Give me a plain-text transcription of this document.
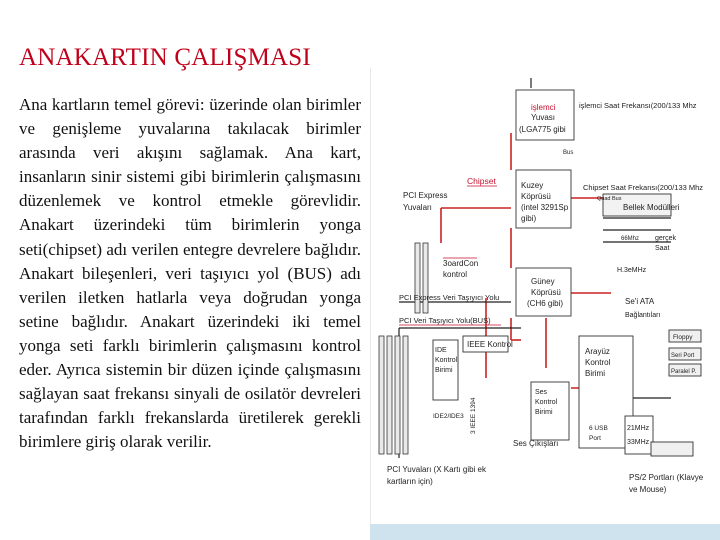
ANAKARTIN ÇALIŞMASI
Ana kartların temel görevi: üzerinde olan birimler ve genişleme yuvalarına takılacak birimler arasında veri akışını sağlamak. Ana kart, insanların sinir sistemi gibi birimlerin çalışmasını düzenlemek ve kontrol etmekle görevlidir. Anakart üzerindeki tüm birimlerin yonga seti(chipset) adı verilen entegre devrelere bağlıdır. Anakart bileşenleri, veri taşıyıcı yol (BUS) adı verilen iletken hatlarla veya doğrudan yonga setine bağlıdır. Anakart üzerindeki iki temel yonga seti farklı birimlerin çalışmasını kontrol eder. Ayrıca sistemin bir düzen içinde çalışmasını sağlayan saat frekansı sinyali de osilatör devreleri tarafından farklı frekanslarda üretilerek gerekli birimlere giriş olarak verilir.
işlemci
Yuvası
(LGA775 gibi
işlemci Saat Frekansı(200/133 Mhz
Bus
Chipset
PCI Express
Yuvaları
Kuzey
Köprüsü
(intel 3291Sp
gibi)
Chipset Saat Frekansı(200/133 Mhz
Quad Bus
Bellek Modülleri
66Mhz gerçek
Saat
3oardCon
kontrol	H.3eMHz
Güney
Köprüsü
(CH6 gibi)
PCI Express Veri Taşıyıcı Yolu	Se'i ATA
Bağlantıları
PCI Veri Taşıyıcı Yolu(BUS)
IEEE Kontrol
IDE
Kontrol
Birimi
Arayüz
Kontrol
Birimi
Floppy
Seri Port
Paralel P.
IDE2/IDE3 3 IEEE 1394
Ses
Kontrol
Birimi
Ses Çıkışları
21MHz
33MHz
6 USB
Port
PCI Yuvaları (X Kartı gibi ek
kartların için)	PS/2 Portları (Klavye
ve Mouse)
